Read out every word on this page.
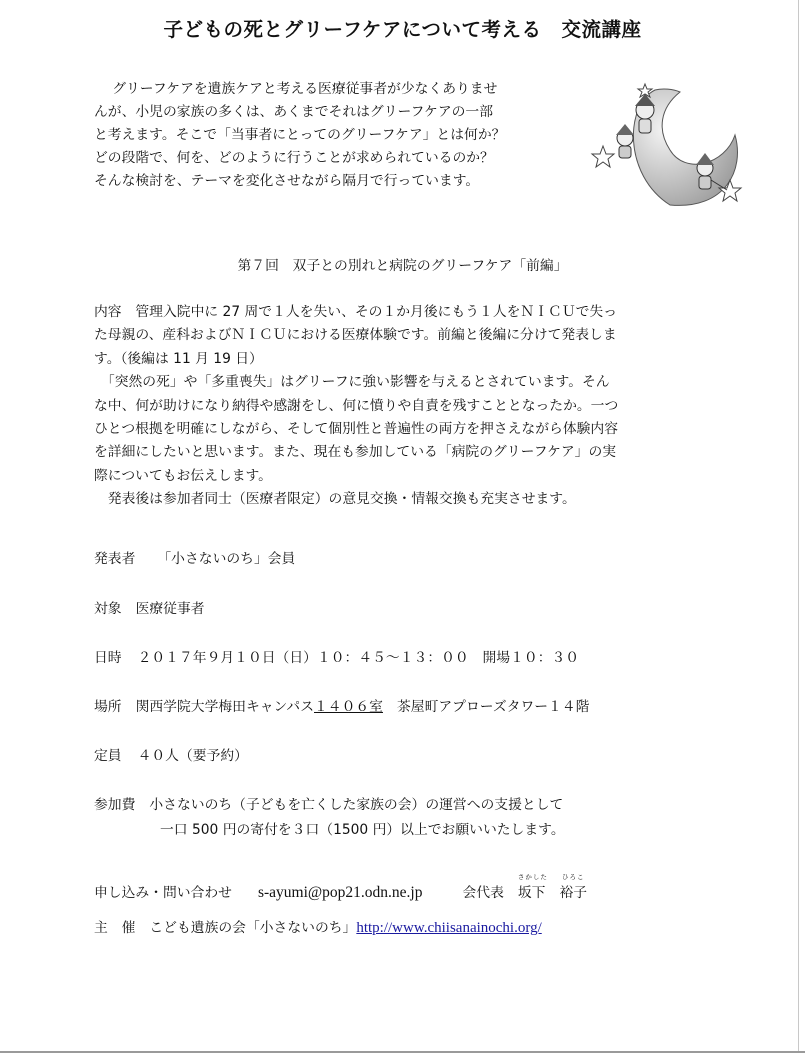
子どもの死とグリーフケアについて考える　交流講座

　 グリーフケアを遺族ケアと考える医療従事者が少なくありませ

んが、小児の家族の多くは、あくまでそれはグリーフケアの一部

と考えます。そこで「当事者にとってのグリーフケア」とは何か？

どの段階で、何を、どのように行うことが求められているのか？

そんな検討を、テーマを変化させながら隔月で行っています。

第７回　双子との別れと病院のグリーフケア「前編」

内容　管理入院中に 27 周で１人を失い、その１か月後にもう１人をＮＩＣＵで失っ

た母親の、産科およびＮＩＣＵにおける医療体験です。前編と後編に分けて発表しま

す。（後編は 11 月 19 日）

　「突然の死」や「多重喪失」はグリーフに強い影響を与えるとされています。そん

な中、何が助けになり納得や感謝をし、何に憤りや自責を残すこととなったか。一つ

ひとつ根拠を明確にしながら、そして個別性と普遍性の両方を押さえながら体験内容

を詳細にしたいと思います。また、現在も参加している「病院のグリーフケア」の実

際についてもお伝えします。

　発表後は参加者同士（医療者限定）の意見交換・情報交換も充実させます。

発表者 「小さないのち」会員
対象 医療従事者
日時 ２０１７年９月１０日（日）１０：４５～１３：００　開場１０：３０
場所 関西学院大学梅田キャンパス１４０６室 茶屋町アプローズタワー１４階
定員 ４０人（要予約）
参加費 小さないのち（子どもを亡くした家族の会）の運営への支援として
一口 500 円の寄付を３口（1500 円）以上でお願いいたします。
申し込み・問い合わせ s-ayumi@pop21.odn.ne.jp	会代表
さかした
坂下
ひろこ
裕子
主　催 こども遺族の会「小さないのち」http://www.chiisanainochi.org/
